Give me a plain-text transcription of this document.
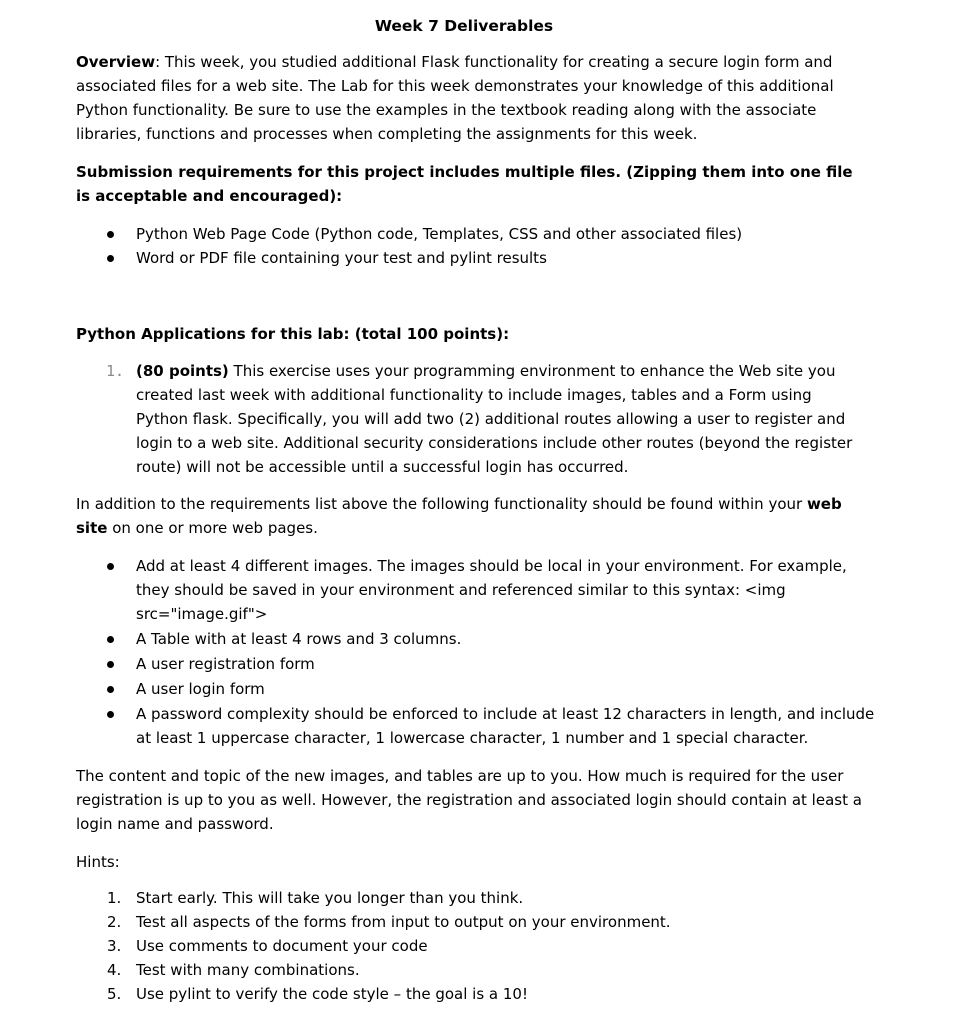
Week 7 Deliverables

Overview: This week, you studied additional Flask functionality for creating a secure login form and associated files for a web site. The Lab for this week demonstrates your knowledge of this additional Python functionality. Be sure to use the examples in the textbook reading along with the associate libraries, functions and processes when completing the assignments for this week.

Submission requirements for this project includes multiple files. (Zipping them into one file is acceptable and encouraged):

Python Web Page Code (Python code, Templates, CSS and other associated files)
Word or PDF file containing your test and pylint results

Python Applications for this lab: (total 100 points):

1. (80 points) This exercise uses your programming environment to enhance the Web site you created last week with additional functionality to include images, tables and a Form using Python flask. Specifically, you will add two (2) additional routes allowing a user to register and login to a web site. Additional security considerations include other routes (beyond the register route) will not be accessible until a successful login has occurred.

In addition to the requirements list above the following functionality should be found within your web site on one or more web pages.

Add at least 4 different images. The images should be local in your environment. For example, they should be saved in your environment and referenced similar to this syntax: <img src="image.gif">
A Table with at least 4 rows and 3 columns.
A user registration form
A user login form
A password complexity should be enforced to include at least 12 characters in length, and include at least 1 uppercase character, 1 lowercase character, 1 number and 1 special character.

The content and topic of the new images, and tables are up to you. How much is required for the user registration is up to you as well. However, the registration and associated login should contain at least a login name and password.

Hints:

1. Start early. This will take you longer than you think.
2. Test all aspects of the forms from input to output on your environment.
3. Use comments to document your code
4. Test with many combinations.
5. Use pylint to verify the code style – the goal is a 10!
